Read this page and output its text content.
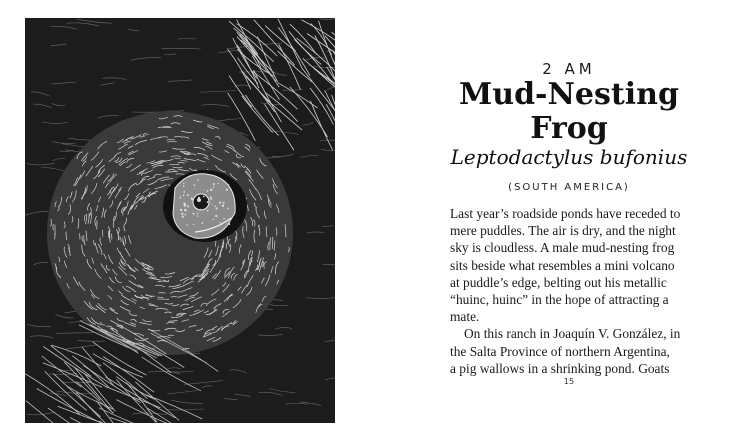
2 AM
Mud-Nesting
Frog
Leptodactylus bufonius
(SOUTH AMERICA)

Last year’s roadside ponds have receded to
mere puddles. The air is dry, and the night
sky is cloudless. A male mud-nesting frog
sits beside what resembles a mini volcano
at puddle’s edge, belting out his metallic
“huinc, huinc” in the hope of attracting a
mate.

On this ranch in Joaquín V. González, in
the Salta Province of northern Argentina,
a pig wallows in a shrinking pond. Goats

15
